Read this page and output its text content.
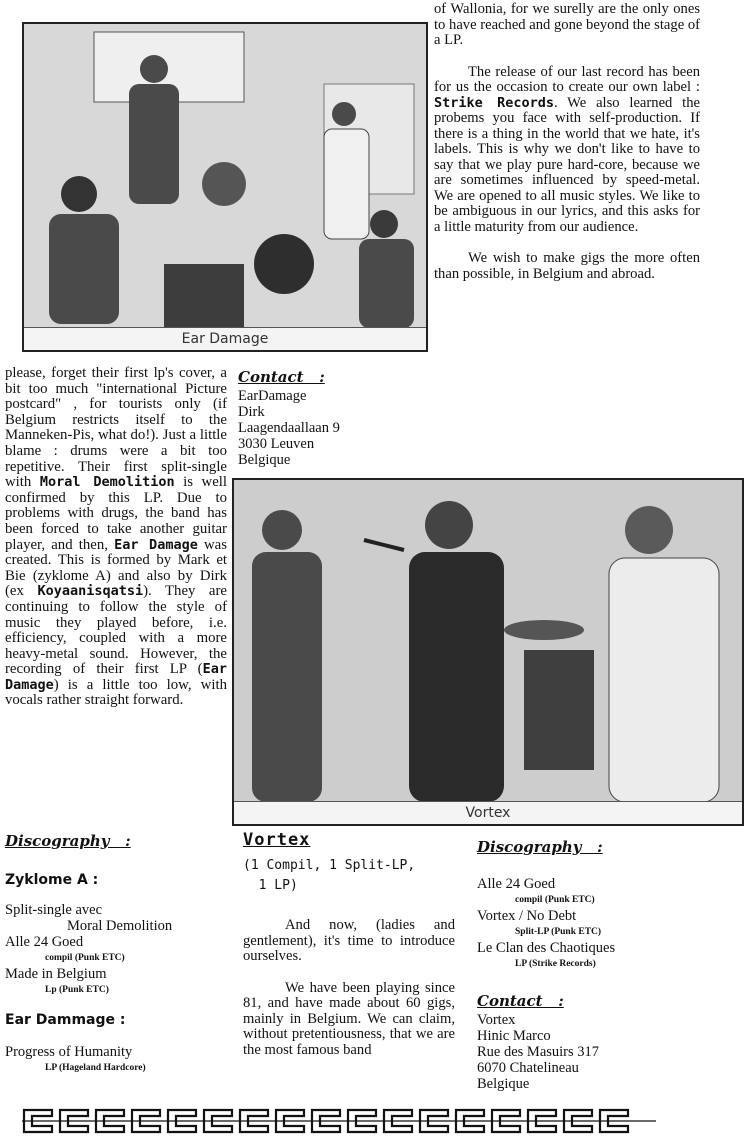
Ear Damage

of Wallonia, for we surelly are the only ones to have reached and gone beyond the stage of a LP.

The release of our last record has been for us the occasion to create our own label : Strike Records. We also learned the probems you face with self-production. If there is a thing in the world that we hate, it's labels. This is why we don't like to have to say that we play pure hard-core, because we are sometimes influenced by speed-metal. We are opened to all music styles. We like to be ambiguous in our lyrics, and this asks for a little maturity from our audience.

We wish to make gigs the more often than possible, in Belgium and abroad.

Contact   :
EarDamage
Dirk
Laagendaallaan 9
3030 Leuven
Belgique

please, forget their first lp's cover, a bit too much "international Picture postcard" , for tourists only (if Belgium restricts itself to the Manneken-Pis, what do!). Just a little blame : drums were a bit too repetitive. Their first split-single with Moral Demolition is well confirmed by this LP. Due to problems with drugs, the band has been forced to take another guitar player, and then, Ear Damage was created. This is formed by Mark et Bie (zyklome A) and also by Dirk (ex Koyaanisqatsi). They are continuing to follow the style of music they played before, i.e. efficiency, coupled with a more heavy-metal sound. However, the recording of their first LP (Ear Damage) is a little too low, with vocals rather straight forward.

Vortex
Discography   :
Zyklome A :
Split-single avec
Moral Demolition
Alle 24 Goed
compil (Punk ETC)
Made in Belgium
Lp (Punk ETC)
Ear Dammage :
Progress of Humanity
LP (Hageland Hardcore)
Vortex
(1 Compil, 1 Split-LP,
1 LP)

And now, (ladies and gentlement), it's time to introduce ourselves.

We have been playing since 81, and have made about 60 gigs, mainly in Belgium. We can claim, without pretentiousness, that we are the most famous band

Discography   :
Alle 24 Goed
compil (Punk ETC)
Vortex / No Debt
Split-LP (Punk ETC)
Le Clan des Chaotiques
LP (Strike Records)
Contact   :
Vortex
Hinic Marco
Rue des Masuirs 317
6070 Chatelineau
Belgique
